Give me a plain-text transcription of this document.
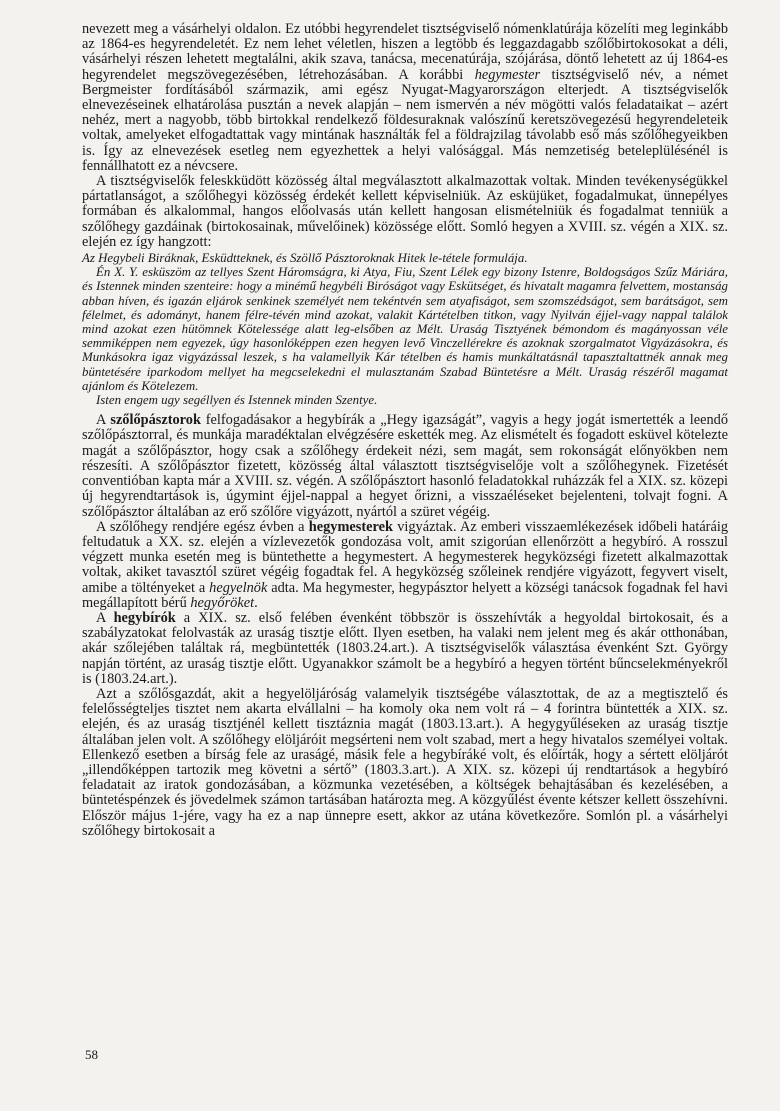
nevezett meg a vásárhelyi oldalon. Ez utóbbi hegyrendelet tisztségviselő nómenklatúrája közelíti meg leginkább az 1864-es hegyrendeletét. Ez nem lehet véletlen, hiszen a legtöbb és leggazdagabb szőlőbirtokosokat a déli, vásárhelyi részen lehetett megtalálni, akik szava, tanácsa, mecenatúrája, szójárása, döntő lehetett az új 1864-es hegyrendelet megszövegezésében, létrehozásában. A korábbi hegymester tisztségviselő név, a német Bergmeister fordításából származik, ami egész Nyugat-Magyarországon elterjedt. A tisztségviselők elnevezéseinek elhatárolása pusztán a nevek alapján – nem ismervén a név mögötti valós feladataikat – azért nehéz, mert a nagyobb, több birtokkal rendelkező földesuraknak valószínű keretszövegezésű hegyrendeleteik voltak, amelyeket elfogadtattak vagy mintának használták fel a földrajzilag távolabb eső más szőlőhegyeikben is. Így az elnevezések esetleg nem egyezhettek a helyi valósággal. Más nemzetiség beteleplülésénél is fennállhatott ez a névcsere.

A tisztségviselők feleskküdött közösség által megválasztott alkalmazottak voltak. Minden tevékenységükkel pártatlanságot, a szőlőhegyi közösség érdekét kellett képviselniük. Az esküjüket, fogadalmukat, ünnepélyes formában és alkalommal, hangos előolvasás után kellett hangosan elismételniük és fogadalmat tenniük a szőlőhegy gazdáinak (birtokosainak, művelőinek) közössége előtt. Somló hegyen a XVIII. sz. végén a XIX. sz. elején ez így hangzott:

Az Hegybeli Biráknak, Esküdtteknek, és Szöllő Pásztoroknak Hitek le-tétele formulája.

Én X. Y. esküszöm az tellyes Szent Háromságra, ki Atya, Fiu, Szent Lélek egy bizony Istenre, Boldogságos Szűz Máriára, és Istennek minden szenteire: hogy a minémű hegybéli Biróságot vagy Eskütséget, és hivatalt magamra felvettem, mostanság abban híven, és igazán eljárok senkinek személyét nem tekéntvén sem atyafiságot, sem szomszédságot, sem barátságot, sem félelmet, és adományt, hanem félre-tévén mind azokat, valakit Kártételben titkon, vagy Nyilván éjjel-vagy nappal találok mind azokat ezen hütömnek Kötelessége alatt leg-elsőben az Mélt. Uraság Tisztyének bémondom és magányossan véle semmiképpen nem egyezek, úgy hasonlóképpen ezen hegyen levő Vinczellérekre és azoknak szorgalmatot Vigyázásokra, és Munkásokra igaz vigyázással leszek, s ha valamellyik Kár tételben és hamis munkáltatásnál tapasztaltattnék annak meg büntetésére iparkodom mellyet ha megcselekedni el mulasztanám Szabad Büntetésre a Mélt. Uraság részéről magamat ajánlom és Kötelezem.

Isten engem ugy segéllyen és Istennek minden Szentye.

A szőlőpásztorok felfogadásakor a hegybírák a „Hegy igazságát”, vagyis a hegy jogát ismertették a leendő szőlőpásztorral, és munkája maradéktalan elvégzésére eskették meg. Az elismételt és fogadott esküvel kötelezte magát a szőlőpásztor, hogy csak a szőlőhegy érdekeit nézi, sem magát, sem rokonságát előnyökben nem részesíti. A szőlőpásztor fizetett, közösség által választott tisztségviselője volt a szőlőhegynek. Fizetését conventióban kapta már a XVIII. sz. végén. A szőlőpásztort hasonló feladatokkal ruházzák fel a XIX. sz. közepi új hegyrendtartások is, úgymint éjjel-nappal a hegyet őrizni, a visszaéléseket bejelenteni, tolvajt fogni. A szőlőpásztor általában az erő szőlőre vigyázott, nyártól a szüret végéig.

A szőlőhegy rendjére egész évben a hegymesterek vigyáztak. Az emberi visszaemlékezések időbeli határáig feltudatuk a XX. sz. elején a vízlevezetők gondozása volt, amit szigorúan ellenőrzött a hegybíró. A rosszul végzett munka esetén meg is büntethette a hegymestert. A hegymesterek hegyközségi fizetett alkalmazottak voltak, akiket tavasztól szüret végéig fogadtak fel. A hegyközség szőleinek rendjére vigyázott, fegyvert viselt, amibe a töltényeket a hegyelnök adta. Ma hegymester, hegypásztor helyett a községi tanácsok fogadnak fel havi megállapított bérű hegyőröket.

A hegybírók a XIX. sz. első felében évenként többször is összehívták a hegyoldal birtokosait, és a szabályzatokat felolvasták az uraság tisztje előtt. Ilyen esetben, ha valaki nem jelent meg és akár otthonában, akár szőlejében találtak rá, megbüntették (1803.24.art.). A tisztségviselők választása évenként Szt. György napján történt, az uraság tisztje előtt. Ugyanakkor számolt be a hegybíró a hegyen történt bűncselekményekről is (1803.24.art.).

Azt a szőlősgazdát, akit a hegyelöljáróság valamelyik tisztségébe választottak, de az a megtisztelő és felelősségteljes tisztet nem akarta elvállalni – ha komoly oka nem volt rá – 4 forintra büntették a XIX. sz. elején, és az uraság tisztjénél kellett tisztáznia magát (1803.13.art.). A hegygyűléseken az uraság tisztje általában jelen volt. A szőlőhegy elöljáróit megsérteni nem volt szabad, mert a hegy hivatalos személyei voltak. Ellenkező esetben a bírság fele az uraságé, másik fele a hegybíráké volt, és előírták, hogy a sértett elöljárót „illendőképpen tartozik meg követni a sértő” (1803.3.art.). A XIX. sz. közepi új rendtartások a hegybíró feladatait az iratok gondozásában, a közmunka vezetésében, a költségek behajtásában és kezelésében, a büntetéspénzek és jövedelmek számon tartásában határozta meg. A közgyűlést évente kétszer kellett összehívni. Először május 1-jére, vagy ha ez a nap ünnepre esett, akkor az utána következőre. Somlón pl. a vásárhelyi szőlőhegy birtokosait a

58
